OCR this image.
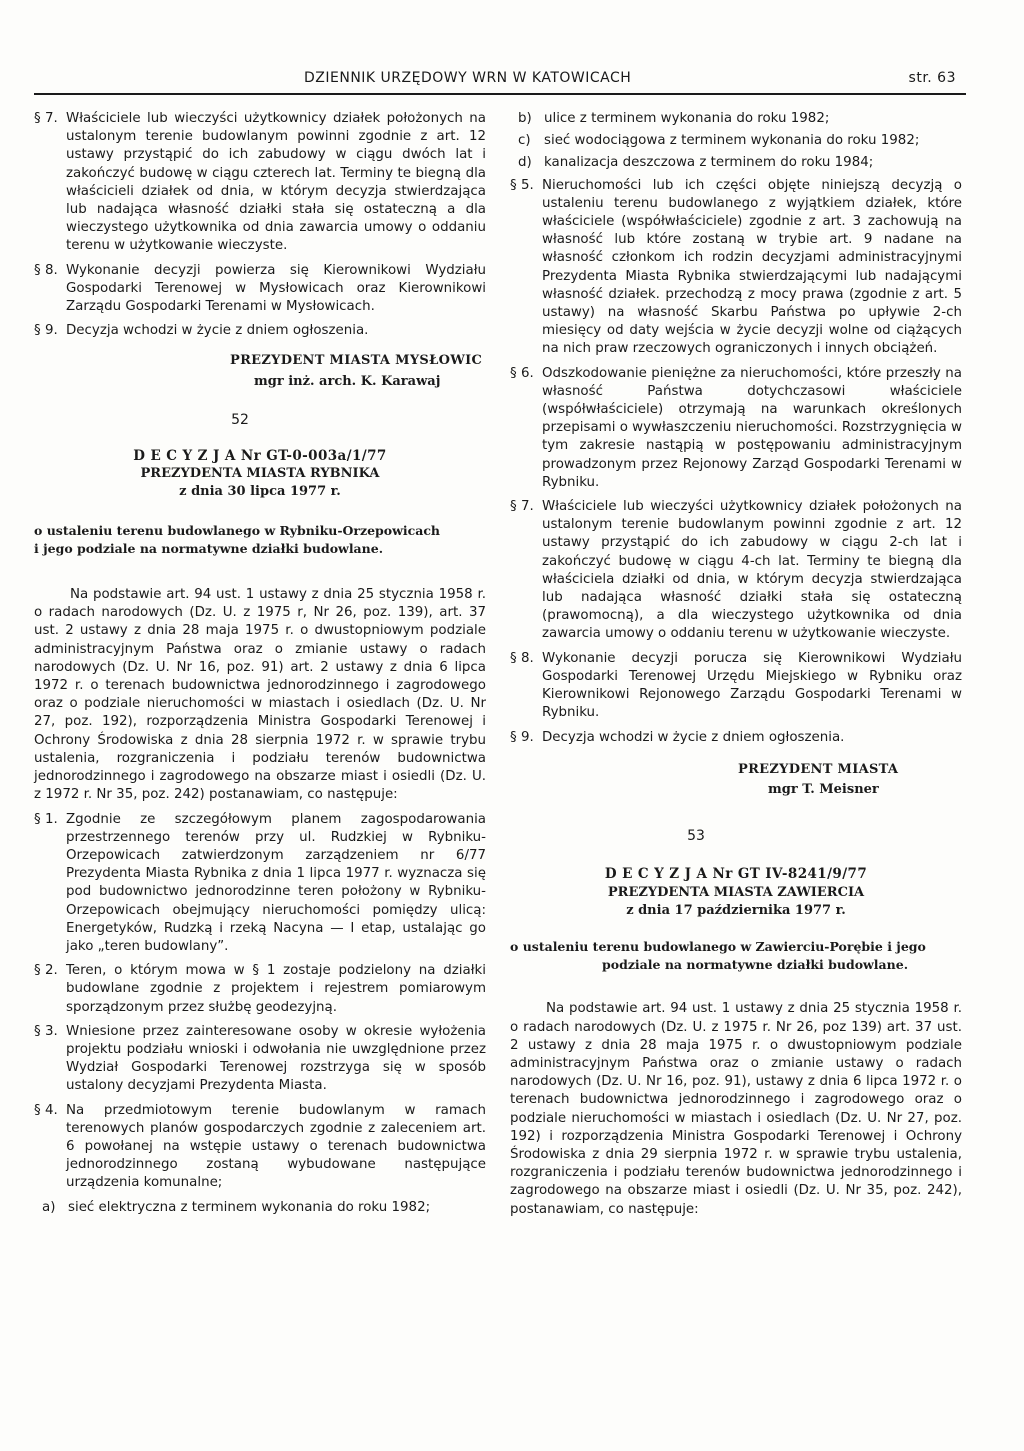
DZIENNIK URZĘDOWY WRN W KATOWICACH	str. 63
§ 7. Właściciele lub wieczyści użytkownicy działek położonych na ustalonym terenie budowlanym powinni zgodnie z art. 12 ustawy przystąpić do ich zabudowy w ciągu dwóch lat i zakończyć budowę w ciągu czterech lat. Terminy te biegną dla właścicieli działek od dnia, w którym decyzja stwierdzająca lub nadająca własność działki stała się ostateczną a dla wieczystego użytkownika od dnia zawarcia umowy o oddaniu terenu w użytkowanie wieczyste.
§ 8. Wykonanie decyzji powierza się Kierownikowi Wydziału Gospodarki Terenowej w Mysłowicach oraz Kierownikowi Zarządu Gospodarki Terenami w Mysłowicach.
§ 9. Decyzja wchodzi w życie z dniem ogłoszenia.

PREZYDENT MIASTA MYSŁOWIC

mgr inż. arch. K. Karawaj

52

D E C Y Z J A Nr GT-0-003a/1/77

PREZYDENTA MIASTA RYBNIKA

z dnia 30 lipca 1977 r.

o ustaleniu terenu budowlanego w Rybniku-Orzepowicach

i jego podziale na normatywne działki budowlane.

Na podstawie art. 94 ust. 1 ustawy z dnia 25 stycznia 1958 r. o radach narodowych (Dz. U. z 1975 r, Nr 26, poz. 139), art. 37 ust. 2 ustawy z dnia 28 maja 1975 r. o dwustopniowym podziale administracyjnym Państwa oraz o zmianie ustawy o radach narodowych (Dz. U. Nr 16, poz. 91) art. 2 ustawy z dnia 6 lipca 1972 r. o terenach budownictwa jednorodzinnego i zagrodowego oraz o podziale nieruchomości w miastach i osiedlach (Dz. U. Nr 27, poz. 192), rozporządzenia Ministra Gospodarki Terenowej i Ochrony Środowiska z dnia 28 sierpnia 1972 r. w sprawie trybu ustalenia, rozgraniczenia i podziału terenów budownictwa jednorodzinnego i zagrodowego na obszarze miast i osiedli (Dz. U. z 1972 r. Nr 35, poz. 242) postanawiam, co następuje:

§ 1. Zgodnie ze szczegółowym planem zagospodarowania przestrzennego terenów przy ul. Rudzkiej w Rybniku-Orzepowicach zatwierdzonym zarządzeniem nr 6/77 Prezydenta Miasta Rybnika z dnia 1 lipca 1977 r. wyznacza się pod budownictwo jednorodzinne teren położony w Rybniku-Orzepowicach obejmujący nieruchomości pomiędzy ulicą: Energetyków, Rudzką i rzeką Nacyna — I etap, ustalając go jako „teren budowlany”.
§ 2. Teren, o którym mowa w § 1 zostaje podzielony na działki budowlane zgodnie z projektem i rejestrem pomiarowym sporządzonym przez służbę geodezyjną.
§ 3. Wniesione przez zainteresowane osoby w okresie wyłożenia projektu podziału wnioski i odwołania nie uwzględnione przez Wydział Gospodarki Terenowej rozstrzyga się w sposób ustalony decyzjami Prezydenta Miasta.
§ 4. Na przedmiotowym terenie budowlanym w ramach terenowych planów gospodarczych zgodnie z zaleceniem art. 6 powołanej na wstępie ustawy o terenach budownictwa jednorodzinnego zostaną wybudowane następujące urządzenia komunalne;
a) sieć elektryczna z terminem wykonania do roku 1982;
b) ulice z terminem wykonania do roku 1982;
c)	sieć wodociągowa z terminem wykonania do roku 1982;
d) kanalizacja deszczowa z terminem do roku 1984;
§ 5. Nieruchomości lub ich części objęte niniejszą decyzją o ustaleniu terenu budowlanego z wyjątkiem działek, które właściciele (współwłaściciele) zgodnie z art. 3 zachowują na własność lub które zostaną w trybie art. 9 nadane na własność członkom ich rodzin decyzjami administracyjnymi Prezydenta Miasta Rybnika stwierdzającymi lub nadającymi własność działek. przechodzą z mocy prawa (zgodnie z art. 5 ustawy) na własność Skarbu Państwa po upływie 2-ch miesięcy od daty wejścia w życie decyzji wolne od ciążących na nich praw rzeczowych ograniczonych i innych obciążeń.
§ 6. Odszkodowanie pieniężne za nieruchomości, które przeszły na własność Państwa dotychczasowi właściciele (współwłaściciele) otrzymają na warunkach określonych przepisami o wywłaszczeniu nieruchomości. Rozstrzygnięcia w tym zakresie nastąpią w postępowaniu administracyjnym prowadzonym przez Rejonowy Zarząd Gospodarki Terenami w Rybniku.
§ 7. Właściciele lub wieczyści użytkownicy działek położonych na ustalonym terenie budowlanym powinni zgodnie z art. 12 ustawy przystąpić do ich zabudowy w ciągu 2-ch lat i zakończyć budowę w ciągu 4-ch lat. Terminy te biegną dla właściciela działki od dnia, w którym decyzja stwierdzająca lub nadająca własność działki stała się ostateczną (prawomocną), a dla wieczystego użytkownika od dnia zawarcia umowy o oddaniu terenu w użytkowanie wieczyste.
§ 8. Wykonanie decyzji porucza się Kierownikowi Wydziału Gospodarki Terenowej Urzędu Miejskiego w Rybniku oraz Kierownikowi Rejonowego Zarządu Gospodarki Terenami w Rybniku.
§ 9. Decyzja wchodzi w życie z dniem ogłoszenia.

PREZYDENT MIASTA

mgr T. Meisner

53

D E C Y Z J A Nr GT IV-8241/9/77

PREZYDENTA MIASTA ZAWIERCIA

z dnia 17 października 1977 r.

o ustaleniu terenu budowlanego w Zawierciu-Porębie i jego

podziale na normatywne działki budowlane.

Na podstawie art. 94 ust. 1 ustawy z dnia 25 stycznia 1958 r. o radach narodowych (Dz. U. z 1975 r. Nr 26, poz 139) art. 37 ust. 2 ustawy z dnia 28 maja 1975 r. o dwustopniowym podziale administracyjnym Państwa oraz o zmianie ustawy o radach narodowych (Dz. U. Nr 16, poz. 91), ustawy z dnia 6 lipca 1972 r. o terenach budownictwa jednorodzinnego i zagrodowego oraz o podziale nieruchomości w miastach i osiedlach (Dz. U. Nr 27, poz. 192) i rozporządzenia Ministra Gospodarki Terenowej i Ochrony Środowiska z dnia 29 sierpnia 1972 r. w sprawie trybu ustalenia, rozgraniczenia i podziału terenów budownictwa jednorodzinnego i zagrodowego na obszarze miast i osiedli (Dz. U. Nr 35, poz. 242), postanawiam, co następuje:
